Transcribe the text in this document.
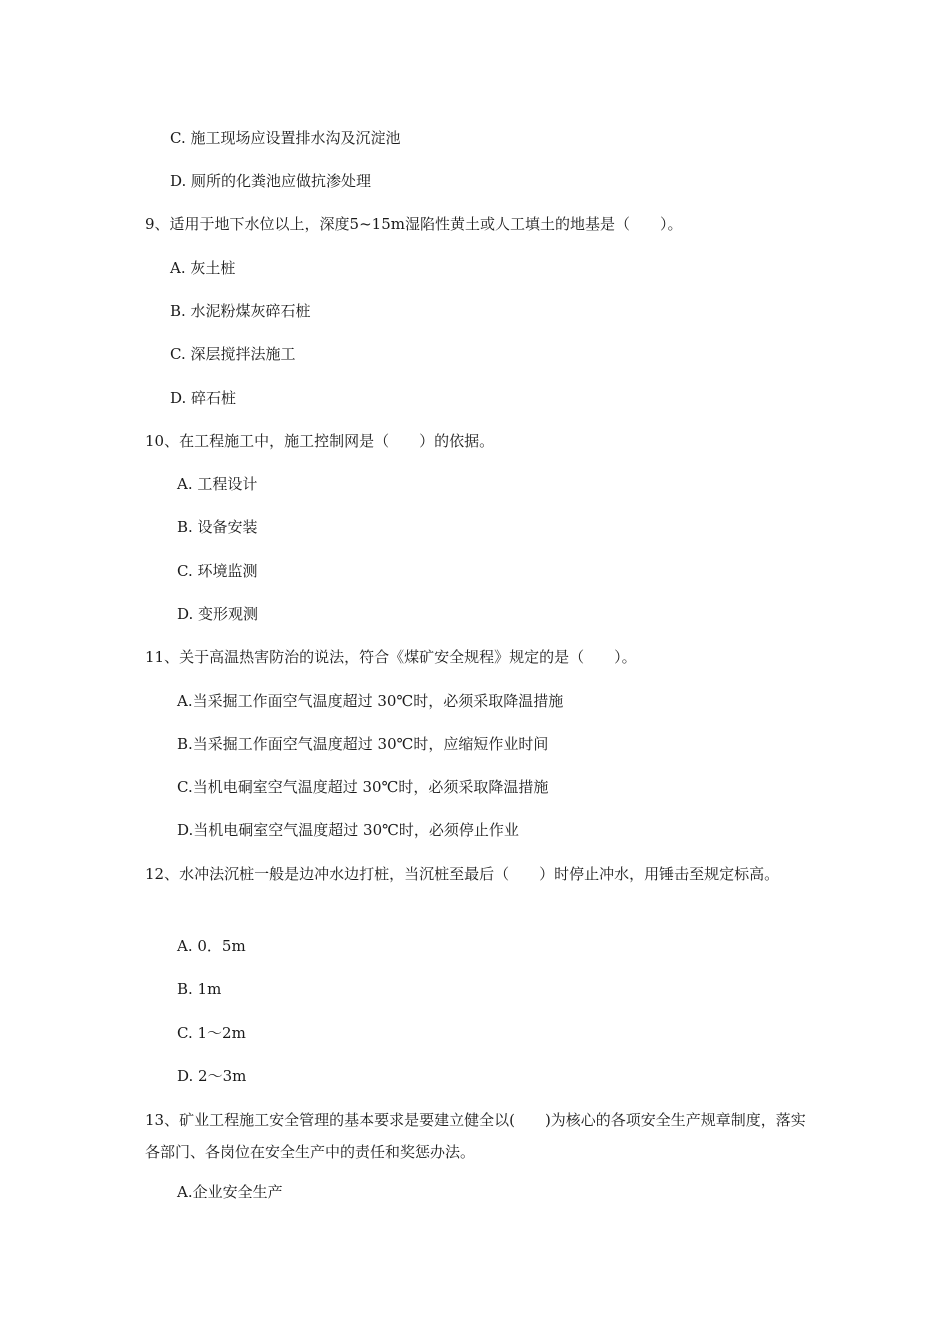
C. 施工现场应设置排水沟及沉淀池
D. 厕所的化粪池应做抗渗处理
9、适用于地下水位以上，深度5~15m湿陷性黄土或人工填土的地基是（　　）。
A. 灰土桩
B. 水泥粉煤灰碎石桩
C. 深层搅拌法施工
D. 碎石桩
10、在工程施工中，施工控制网是（　　）的依据。
A. 工程设计
B. 设备安装
C. 环境监测
D. 变形观测
11、关于高温热害防治的说法，符合《煤矿安全规程》规定的是（　　）。
A.当采掘工作面空气温度超过 30℃时，必须采取降温措施
B.当采掘工作面空气温度超过 30℃时，应缩短作业时间
C.当机电硐室空气温度超过 30℃时，必须采取降温措施
D.当机电硐室空气温度超过 30℃时，必须停止作业
12、水冲法沉桩一般是边冲水边打桩，当沉桩至最后（　　）时停止冲水，用锤击至规定标高。
A. 0．5m
B. 1m
C. 1～2m
D. 2～3m
13、矿业工程施工安全管理的基本要求是要建立健全以(　　)为核心的各项安全生产规章制度，落实各部门、各岗位在安全生产中的责任和奖惩办法。
A.企业安全生产
